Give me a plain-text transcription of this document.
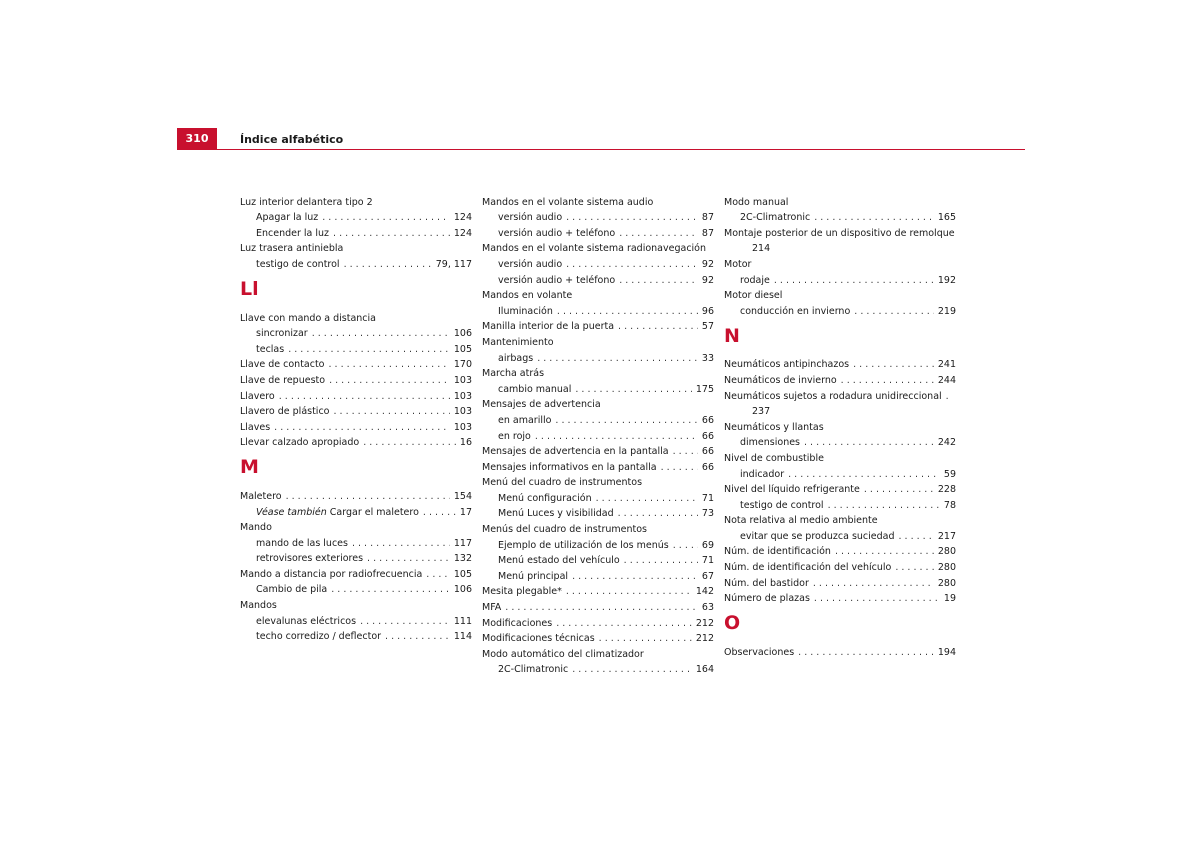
310	Índice alfabético
Luz interior delantera tipo 2
Apagar la luz . . .	124
Encender la luz . . .	124
Luz trasera antiniebla
testigo de control . . .	79, 117
Ll
Llave con mando a distancia
sincronizar . . .	106
teclas . . .	105
Llave de contacto . . .	170
Llave de repuesto . . .	103
Llavero . . .	103
Llavero de plástico . . .	103
Llaves . . .	103
Llevar calzado apropiado . . .	16
M
Maletero . . .	154
Véase también Cargar el maletero . . .	17
Mando
mando de las luces . . .	117
retrovisores exteriores . . .	132
Mando a distancia por radiofrecuencia . . .	105
Cambio de pila . . .	106
Mandos
elevalunas eléctricos . . .	111
techo corredizo / deflector . . .	114
Mandos en el volante sistema audio
versión audio . . .	87
versión audio + teléfono . . .	87
Mandos en el volante sistema radionavegación
versión audio . . .	92
versión audio + teléfono . . .	92
Mandos en volante
Iluminación . . .	96
Manilla interior de la puerta . . .	57
Mantenimiento
airbags . . .	33
Marcha atrás
cambio manual . . .	175
Mensajes de advertencia
en amarillo . . .	66
en rojo . . .	66
Mensajes de advertencia en la pantalla . . .	66
Mensajes informativos en la pantalla . . .	66
Menú del cuadro de instrumentos
Menú configuración . . .	71
Menú Luces y visibilidad . . .	73
Menús del cuadro de instrumentos
Ejemplo de utilización de los menús . . .	69
Menú estado del vehículo . . .	71
Menú principal . . .	67
Mesita plegable* . . .	142
MFA . . .	63
Modificaciones . . .	212
Modificaciones técnicas . . .	212
Modo automático del climatizador
2C-Climatronic . . .	164
Modo manual
2C-Climatronic . . .	165
Montaje posterior de un dispositivo de remolque
214
Motor
rodaje . . .	192
Motor diesel
conducción en invierno . . .	219
N
Neumáticos antipinchazos . . .	241
Neumáticos de invierno . . .	244
Neumáticos sujetos a rodadura unidireccional
. . .
237
Neumáticos y llantas
dimensiones . . .	242
Nivel de combustible
indicador . . .	59
Nivel del líquido refrigerante . . .	228
testigo de control . . .	78
Nota relativa al medio ambiente
evitar que se produzca suciedad . . .	217
Núm. de identificación . . .	280
Núm. de identificación del vehículo . . .	280
Núm. del bastidor . . .	280
Número de plazas . . .	19
O
Observaciones . . .	194
